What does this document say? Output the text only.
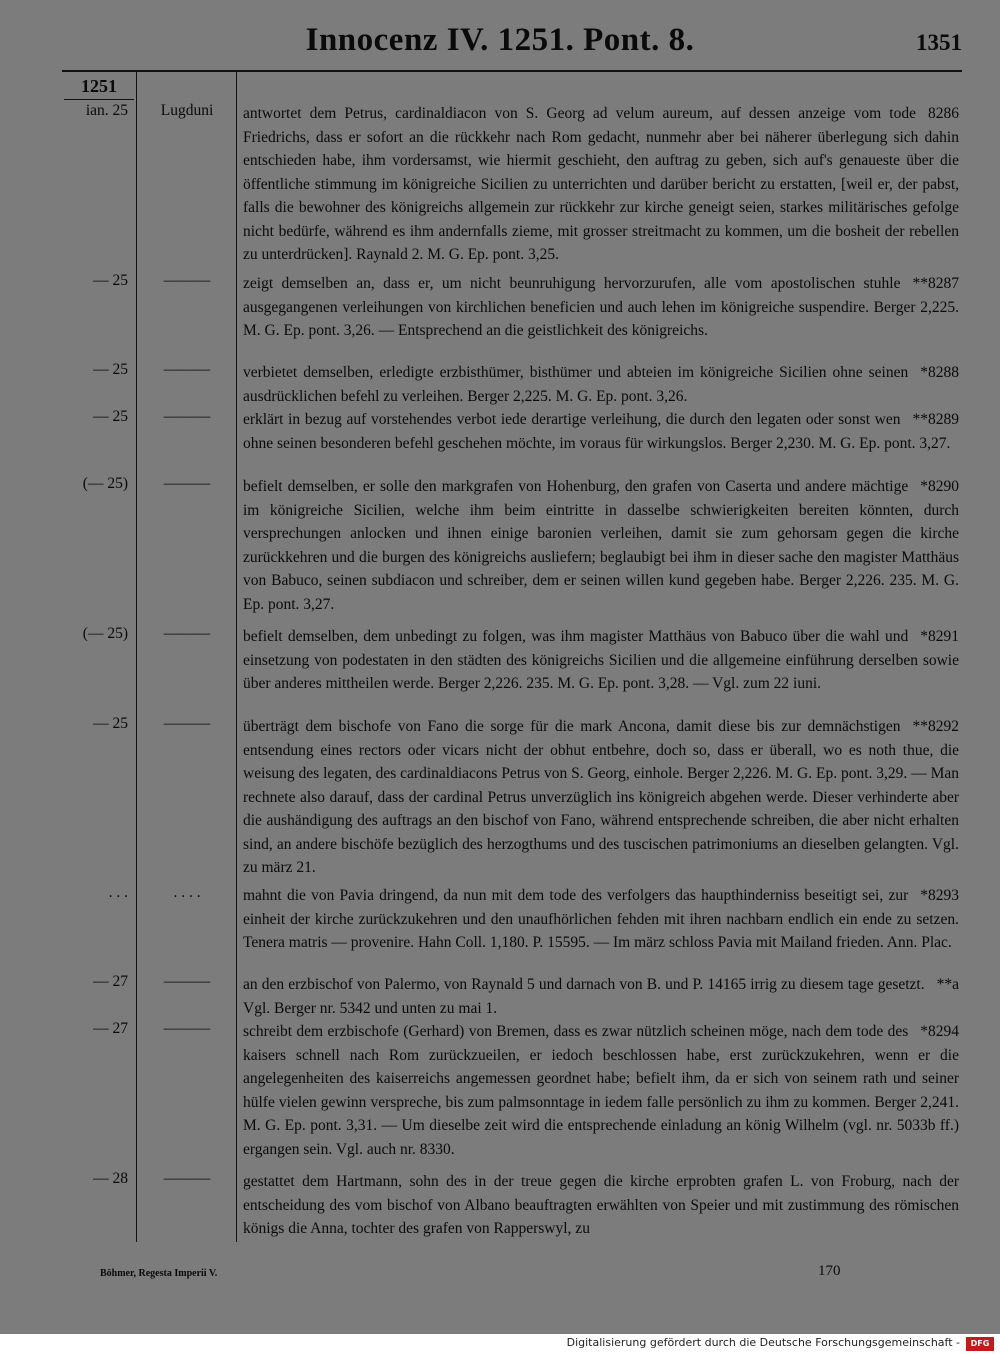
Innocenz IV. 1251. Pont. 8.	1351
1251
ian. 25	Lugduni	8286
antwortet dem Petrus, cardinaldiacon von S. Georg ad velum aureum, auf dessen anzeige vom tode Friedrichs, dass er sofort an die rückkehr nach Rom gedacht, nunmehr aber bei näherer überlegung sich dahin entschieden habe, ihm vordersamst, wie hiermit geschieht, den auftrag zu geben, sich auf's genaueste über die öffentliche stimmung im königreiche Sicilien zu unterrichten und darüber bericht zu erstatten, [weil er, der pabst, falls die bewohner des königreichs allgemein zur rückkehr zur kirche geneigt seien, starkes militärisches gefolge nicht bedürfe, während es ihm andernfalls zieme, mit grosser streitmacht zu kommen, um die bosheit der rebellen zu unterdrücken]. Raynald 2. M. G. Ep. pont. 3,25.
— 25	———	**8287
zeigt demselben an, dass er, um nicht beunruhigung hervorzurufen, alle vom apostolischen stuhle ausgegangenen verleihungen von kirchlichen beneficien und auch lehen im königreiche suspendire. Berger 2,225. M. G. Ep. pont. 3,26. — Entsprechend an die geistlichkeit des königreichs.
— 25	———	*8288
verbietet demselben, erledigte erzbisthümer, bisthümer und abteien im königreiche Sicilien ohne seinen ausdrücklichen befehl zu verleihen. Berger 2,225. M. G. Ep. pont. 3,26.
— 25	———	**8289
erklärt in bezug auf vorstehendes verbot iede derartige verleihung, die durch den legaten oder sonst wen ohne seinen besonderen befehl geschehen möchte, im voraus für wirkungslos. Berger 2,230. M. G. Ep. pont. 3,27.
(— 25)	———	*8290
befielt demselben, er solle den markgrafen von Hohenburg, den grafen von Caserta und andere mächtige im königreiche Sicilien, welche ihm beim eintritte in dasselbe schwierigkeiten bereiten könnten, durch versprechungen anlocken und ihnen einige baronien verleihen, damit sie zum gehorsam gegen die kirche zurückkehren und die burgen des königreichs ausliefern; beglaubigt bei ihm in dieser sache den magister Matthäus von Babuco, seinen subdiacon und schreiber, dem er seinen willen kund gegeben habe. Berger 2,226. 235. M. G. Ep. pont. 3,27.
(— 25)	———	*8291
befielt demselben, dem unbedingt zu folgen, was ihm magister Matthäus von Babuco über die wahl und einsetzung von podestaten in den städten des königreichs Sicilien und die allgemeine einführung derselben sowie über anderes mittheilen werde. Berger 2,226. 235. M. G. Ep. pont. 3,28. — Vgl. zum 22 iuni.
— 25	———	**8292
überträgt dem bischofe von Fano die sorge für die mark Ancona, damit diese bis zur demnächstigen entsendung eines rectors oder vicars nicht der obhut entbehre, doch so, dass er überall, wo es noth thue, die weisung des legaten, des cardinaldiacons Petrus von S. Georg, einhole. Berger 2,226. M. G. Ep. pont. 3,29. — Man rechnete also darauf, dass der cardinal Petrus unverzüglich ins königreich abgehen werde. Dieser verhinderte aber die aushändigung des auftrags an den bischof von Fano, während entsprechende schreiben, die aber nicht erhalten sind, an andere bischöfe bezüglich des herzogthums und des tuscischen patrimoniums an dieselben gelangten. Vgl. zu märz 21.
. . .	. . . .	*8293
mahnt die von Pavia dringend, da nun mit dem tode des verfolgers das haupthinderniss beseitigt sei, zur einheit der kirche zurückzukehren und den unaufhörlichen fehden mit ihren nachbarn endlich ein ende zu setzen. Tenera matris — provenire. Hahn Coll. 1,180. P. 15595. — Im märz schloss Pavia mit Mailand frieden. Ann. Plac.
— 27	———	**a
an den erzbischof von Palermo, von Raynald 5 und darnach von B. und P. 14165 irrig zu diesem tage gesetzt. Vgl. Berger nr. 5342 und unten zu mai 1.
— 27	———	*8294
schreibt dem erzbischofe (Gerhard) von Bremen, dass es zwar nützlich scheinen möge, nach dem tode des kaisers schnell nach Rom zurückzueilen, er iedoch beschlossen habe, erst zurückzukehren, wenn er die angelegenheiten des kaiserreichs angemessen geordnet habe; befielt ihm, da er sich von seinem rath und seiner hülfe vielen gewinn verspreche, bis zum palmsonntage in iedem falle persönlich zu ihm zu kommen. Berger 2,241. M. G. Ep. pont. 3,31. — Um dieselbe zeit wird die entsprechende einladung an könig Wilhelm (vgl. nr. 5033b ff.) ergangen sein. Vgl. auch nr. 8330.
— 28	———	gestattet dem Hartmann, sohn des in der treue gegen die kirche erprobten grafen L. von Froburg, nach der entscheidung des vom bischof von Albano beauftragten erwählten von Speier und mit zustimmung des römischen königs die Anna, tochter des grafen von Rapperswyl, zu
Böhmer, Regesta Imperii V.	170
Digitalisierung gefördert durch die Deutsche Forschungsgemeinschaft -	DFG
